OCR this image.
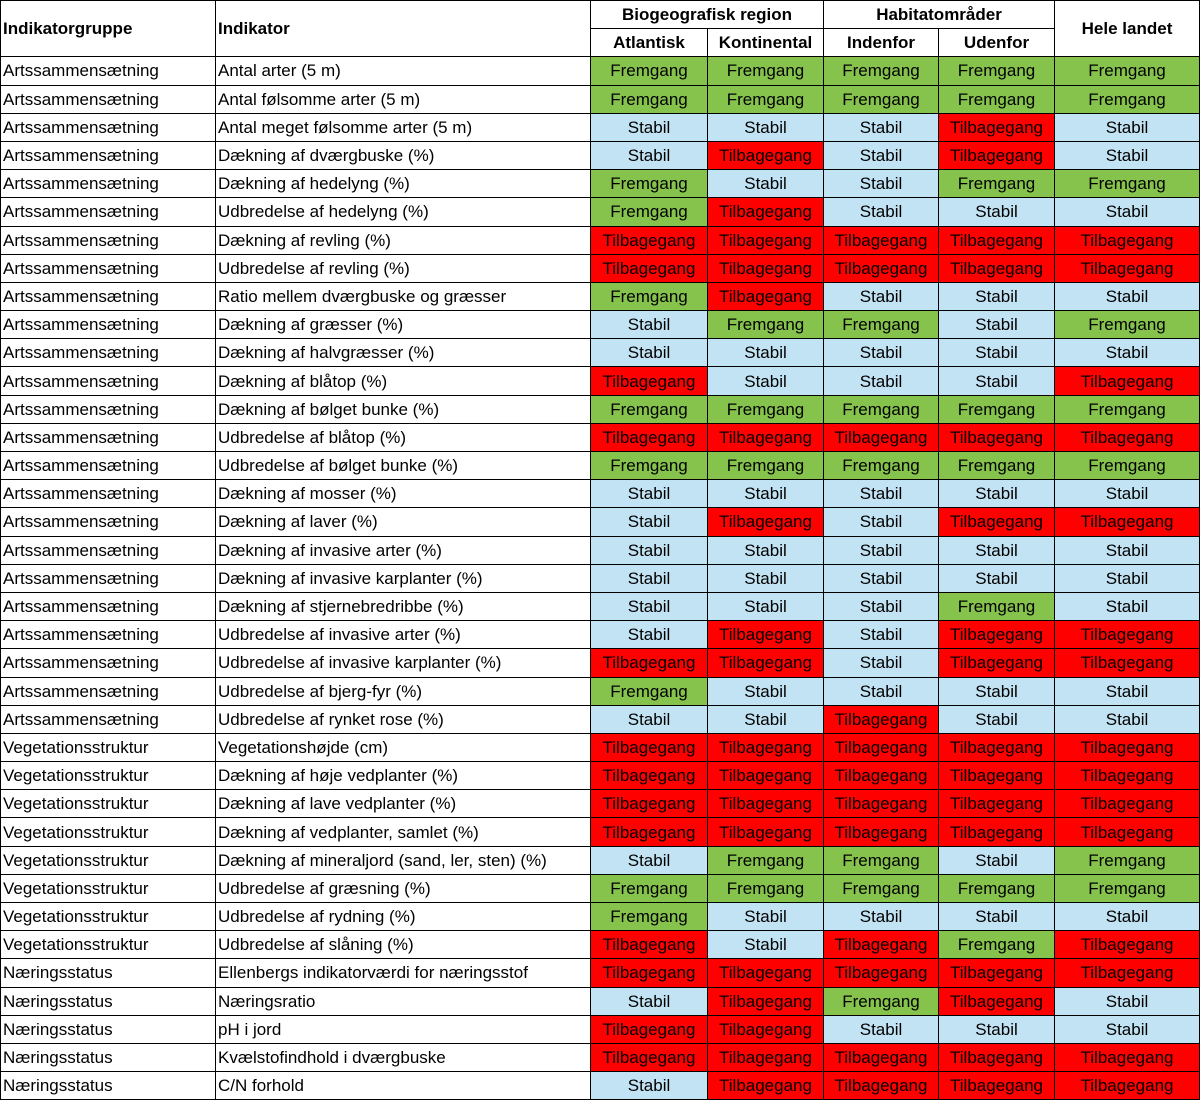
Indikatorgruppe	Indikator	Biogeografisk region		Habitatområder		Hele landet
		Atlantisk	Kontinental	Indenfor	Udenfor	
Artssammensætning	Antal arter (5 m)	Fremgang	Fremgang	Fremgang	Fremgang	Fremgang
Artssammensætning	Antal følsomme arter (5 m)	Fremgang	Fremgang	Fremgang	Fremgang	Fremgang
Artssammensætning	Antal meget følsomme arter (5 m)	Stabil	Stabil	Stabil	Tilbagegang	Stabil
Artssammensætning	Dækning af dværgbuske (%)	Stabil	Tilbagegang	Stabil	Tilbagegang	Stabil
Artssammensætning	Dækning af hedelyng (%)	Fremgang	Stabil	Stabil	Fremgang	Fremgang
Artssammensætning	Udbredelse af hedelyng (%)	Fremgang	Tilbagegang	Stabil	Stabil	Stabil
Artssammensætning	Dækning af revling (%)	Tilbagegang	Tilbagegang	Tilbagegang	Tilbagegang	Tilbagegang
Artssammensætning	Udbredelse af revling (%)	Tilbagegang	Tilbagegang	Tilbagegang	Tilbagegang	Tilbagegang
Artssammensætning	Ratio mellem dværgbuske og græsser	Fremgang	Tilbagegang	Stabil	Stabil	Stabil
Artssammensætning	Dækning af græsser (%)	Stabil	Fremgang	Fremgang	Stabil	Fremgang
Artssammensætning	Dækning af halvgræsser (%)	Stabil	Stabil	Stabil	Stabil	Stabil
Artssammensætning	Dækning af blåtop (%)	Tilbagegang	Stabil	Stabil	Stabil	Tilbagegang
Artssammensætning	Dækning af bølget bunke (%)	Fremgang	Fremgang	Fremgang	Fremgang	Fremgang
Artssammensætning	Udbredelse af blåtop (%)	Tilbagegang	Tilbagegang	Tilbagegang	Tilbagegang	Tilbagegang
Artssammensætning	Udbredelse af bølget bunke (%)	Fremgang	Fremgang	Fremgang	Fremgang	Fremgang
Artssammensætning	Dækning af mosser (%)	Stabil	Stabil	Stabil	Stabil	Stabil
Artssammensætning	Dækning af laver (%)	Stabil	Tilbagegang	Stabil	Tilbagegang	Tilbagegang
Artssammensætning	Dækning af invasive arter (%)	Stabil	Stabil	Stabil	Stabil	Stabil
Artssammensætning	Dækning af invasive karplanter (%)	Stabil	Stabil	Stabil	Stabil	Stabil
Artssammensætning	Dækning af stjernebredribbe (%)	Stabil	Stabil	Stabil	Fremgang	Stabil
Artssammensætning	Udbredelse af invasive arter (%)	Stabil	Tilbagegang	Stabil	Tilbagegang	Tilbagegang
Artssammensætning	Udbredelse af invasive karplanter (%)	Tilbagegang	Tilbagegang	Stabil	Tilbagegang	Tilbagegang
Artssammensætning	Udbredelse af bjerg-fyr (%)	Fremgang	Stabil	Stabil	Stabil	Stabil
Artssammensætning	Udbredelse af rynket rose (%)	Stabil	Stabil	Tilbagegang	Stabil	Stabil
Vegetationsstruktur	Vegetationshøjde (cm)	Tilbagegang	Tilbagegang	Tilbagegang	Tilbagegang	Tilbagegang
Vegetationsstruktur	Dækning af høje vedplanter (%)	Tilbagegang	Tilbagegang	Tilbagegang	Tilbagegang	Tilbagegang
Vegetationsstruktur	Dækning af lave vedplanter (%)	Tilbagegang	Tilbagegang	Tilbagegang	Tilbagegang	Tilbagegang
Vegetationsstruktur	Dækning af vedplanter, samlet (%)	Tilbagegang	Tilbagegang	Tilbagegang	Tilbagegang	Tilbagegang
Vegetationsstruktur	Dækning af mineraljord (sand, ler, sten) (%)	Stabil	Fremgang	Fremgang	Stabil	Fremgang
Vegetationsstruktur	Udbredelse af græsning (%)	Fremgang	Fremgang	Fremgang	Fremgang	Fremgang
Vegetationsstruktur	Udbredelse af rydning (%)	Fremgang	Stabil	Stabil	Stabil	Stabil
Vegetationsstruktur	Udbredelse af slåning (%)	Tilbagegang	Stabil	Tilbagegang	Fremgang	Tilbagegang
Næringsstatus	Ellenbergs indikatorværdi for næringsstof	Tilbagegang	Tilbagegang	Tilbagegang	Tilbagegang	Tilbagegang
Næringsstatus	Næringsratio	Stabil	Tilbagegang	Fremgang	Tilbagegang	Stabil
Næringsstatus	pH i jord	Tilbagegang	Tilbagegang	Stabil	Stabil	Stabil
Næringsstatus	Kvælstofindhold i dværgbuske	Tilbagegang	Tilbagegang	Tilbagegang	Tilbagegang	Tilbagegang
Næringsstatus	C/N forhold	Stabil	Tilbagegang	Tilbagegang	Tilbagegang	Tilbagegang
